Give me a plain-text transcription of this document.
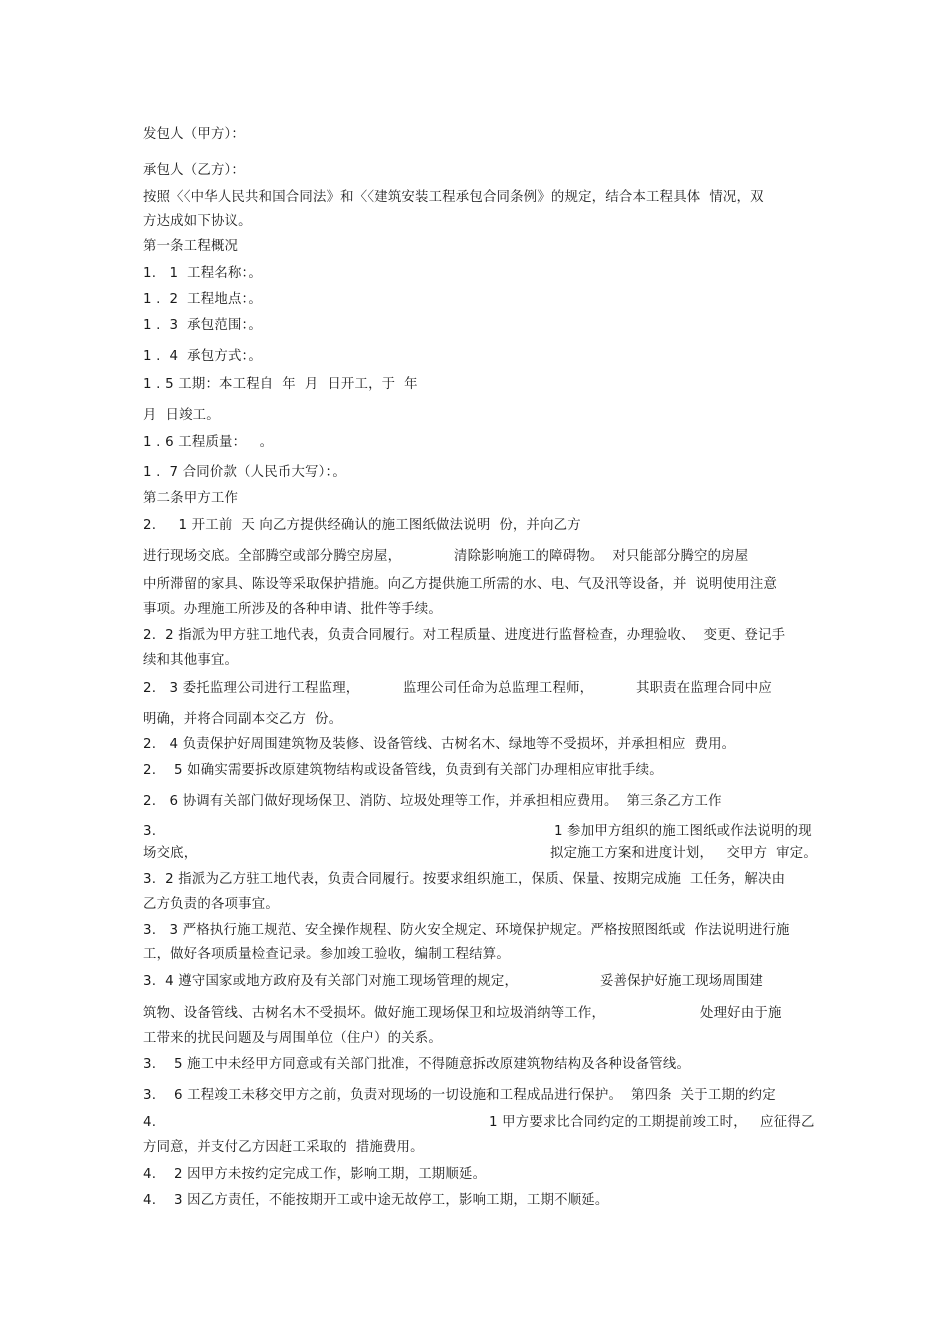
发包人（甲方）：
承包人（乙方）：
按照〈〈中华人民共和国合同法》和〈〈建筑安装工程承包合同条例》的规定，结合本工程具体  情况，双
方达成如下协议。
第一条工程概况
1.   1  工程名称：。
1 .  2  工程地点：。
1 .  3  承包范围：。
1 .  4  承包方式：。
1 . 5 工期：本工程自  年  月  日开工，于  年
月  日竣工。
1 . 6 工程质量：   。
1 .  7 合同价款（人民币大写）：。
第二条甲方工作
2.     1 开工前  天 向乙方提供经确认的施工图纸做法说明  份，并向乙方
进行现场交底。全部腾空或部分腾空房屋，	清除影响施工的障碍物。  对只能部分腾空的房屋
中所滞留的家具、陈设等采取保护措施。向乙方提供施工所需的水、电、气及汛等设备，并  说明使用注意
事项。办理施工所涉及的各种申请、批件等手续。
2.  2 指派为甲方驻工地代表，负责合同履行。对工程质量、进度进行监督检查，办理验收、  变更、登记手
续和其他事宜。
2.   3 委托监理公司进行工程监理，	监理公司任命为总监理工程师，	其职责在监理合同中应
明确，并将合同副本交乙方  份。
2.   4 负责保护好周围建筑物及装修、设备管线、古树名木、绿地等不受损坏，并承担相应  费用。
2.    5 如确实需要拆改原建筑物结构或设备管线，负责到有关部门办理相应审批手续。
2.   6 协调有关部门做好现场保卫、消防、垃圾处理等工作，并承担相应费用。  第三条乙方工作
3.	1 参加甲方组织的施工图纸或作法说明的现
场交底，	拟定施工方案和进度计划，   交甲方  审定。
3.  2 指派为乙方驻工地代表，负责合同履行。按要求组织施工，保质、保量、按期完成施  工任务，解决由
乙方负责的各项事宜。
3.   3 严格执行施工规范、安全操作规程、防火安全规定、环境保护规定。严格按照图纸或  作法说明进行施
工，做好各项质量检查记录。参加竣工验收，编制工程结算。
3.  4 遵守国家或地方政府及有关部门对施工现场管理的规定，	妥善保护好施工现场周围建
筑物、设备管线、古树名木不受损坏。做好施工现场保卫和垃圾消纳等工作，	处理好由于施
工带来的扰民问题及与周围单位（住户）的关系。
3.    5 施工中未经甲方同意或有关部门批准，不得随意拆改原建筑物结构及各种设备管线。
3.    6 工程竣工未移交甲方之前，负责对现场的一切设施和工程成品进行保护。  第四条  关于工期的约定
4.	1 甲方要求比合同约定的工期提前竣工时，   应征得乙
方同意，并支付乙方因赶工采取的  措施费用。
4.    2 因甲方未按约定完成工作，影响工期，工期顺延。
4.    3 因乙方责任，不能按期开工或中途无故停工，影响工期，工期不顺延。
